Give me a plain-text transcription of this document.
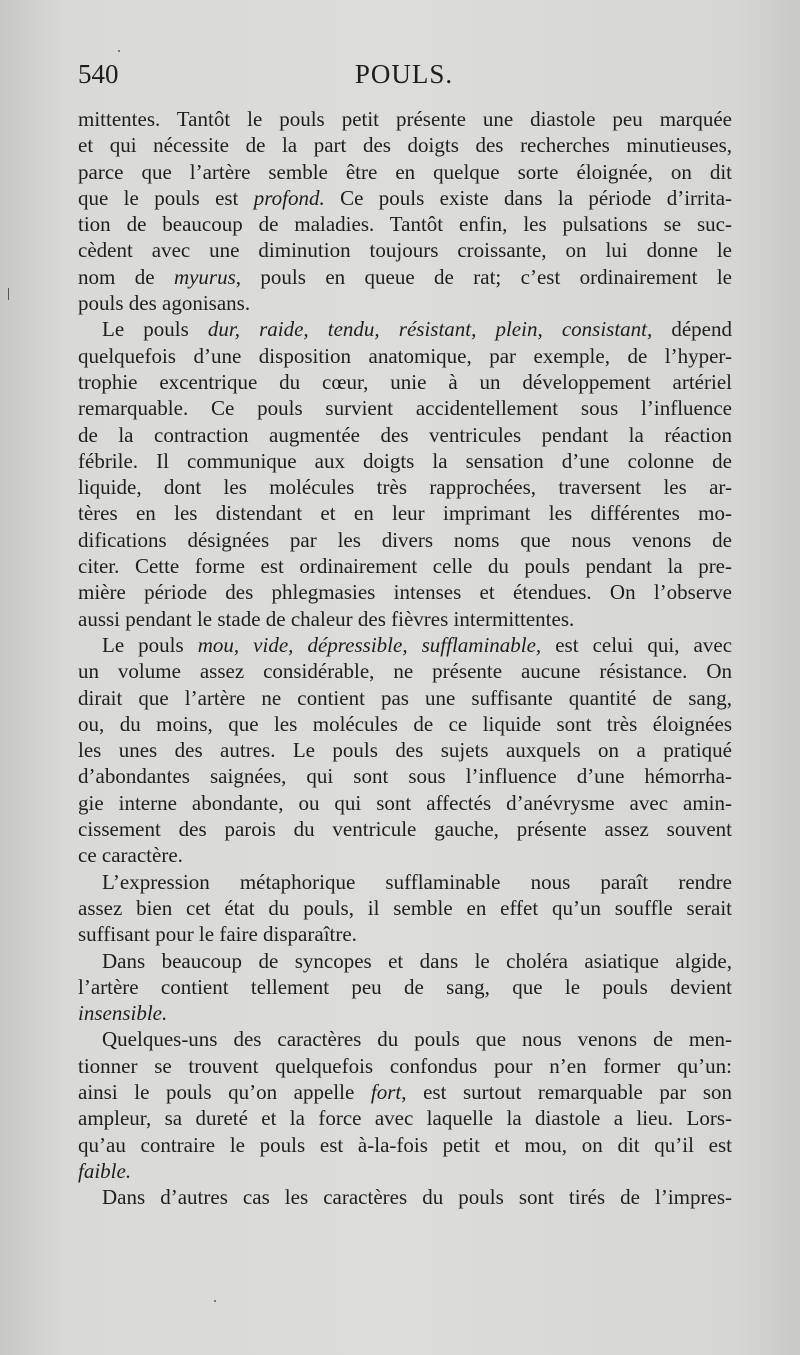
540	POULS.
mittentes. Tantôt le pouls petit présente une diastole peu marquée
et qui nécessite de la part des doigts des recherches minutieuses,
parce que l’artère semble être en quelque sorte éloignée, on dit
que le pouls est profond. Ce pouls existe dans la période d’irrita-
tion de beaucoup de maladies. Tantôt enfin, les pulsations se suc-
cèdent avec une diminution toujours croissante, on lui donne le
nom de myurus, pouls en queue de rat; c’est ordinairement le
pouls des agonisans.
Le pouls dur, raide, tendu, résistant, plein, consistant, dépend
quelquefois d’une disposition anatomique, par exemple, de l’hyper-
trophie excentrique du cœur, unie à un développement artériel
remarquable. Ce pouls survient accidentellement sous l’influence
de la contraction augmentée des ventricules pendant la réaction
fébrile. Il communique aux doigts la sensation d’une colonne de
liquide, dont les molécules très rapprochées, traversent les ar-
tères en les distendant et en leur imprimant les différentes mo-
difications désignées par les divers noms que nous venons de
citer. Cette forme est ordinairement celle du pouls pendant la pre-
mière période des phlegmasies intenses et étendues. On l’observe
aussi pendant le stade de chaleur des fièvres intermittentes.
Le pouls mou, vide, dépressible, sufflaminable, est celui qui, avec
un volume assez considérable, ne présente aucune résistance. On
dirait que l’artère ne contient pas une suffisante quantité de sang,
ou, du moins, que les molécules de ce liquide sont très éloignées
les unes des autres. Le pouls des sujets auxquels on a pratiqué
d’abondantes saignées, qui sont sous l’influence d’une hémorrha-
gie interne abondante, ou qui sont affectés d’anévrysme avec amin-
cissement des parois du ventricule gauche, présente assez souvent
ce caractère.
L’expression métaphorique sufflaminable nous paraît rendre
assez bien cet état du pouls, il semble en effet qu’un souffle serait
suffisant pour le faire disparaître.
Dans beaucoup de syncopes et dans le choléra asiatique algide,
l’artère contient tellement peu de sang, que le pouls devient
insensible.
Quelques-uns des caractères du pouls que nous venons de men-
tionner se trouvent quelquefois confondus pour n’en former qu’un:
ainsi le pouls qu’on appelle fort, est surtout remarquable par son
ampleur, sa dureté et la force avec laquelle la diastole a lieu. Lors-
qu’au contraire le pouls est à-la-fois petit et mou, on dit qu’il est
faible.
Dans d’autres cas les caractères du pouls sont tirés de l’impres-
